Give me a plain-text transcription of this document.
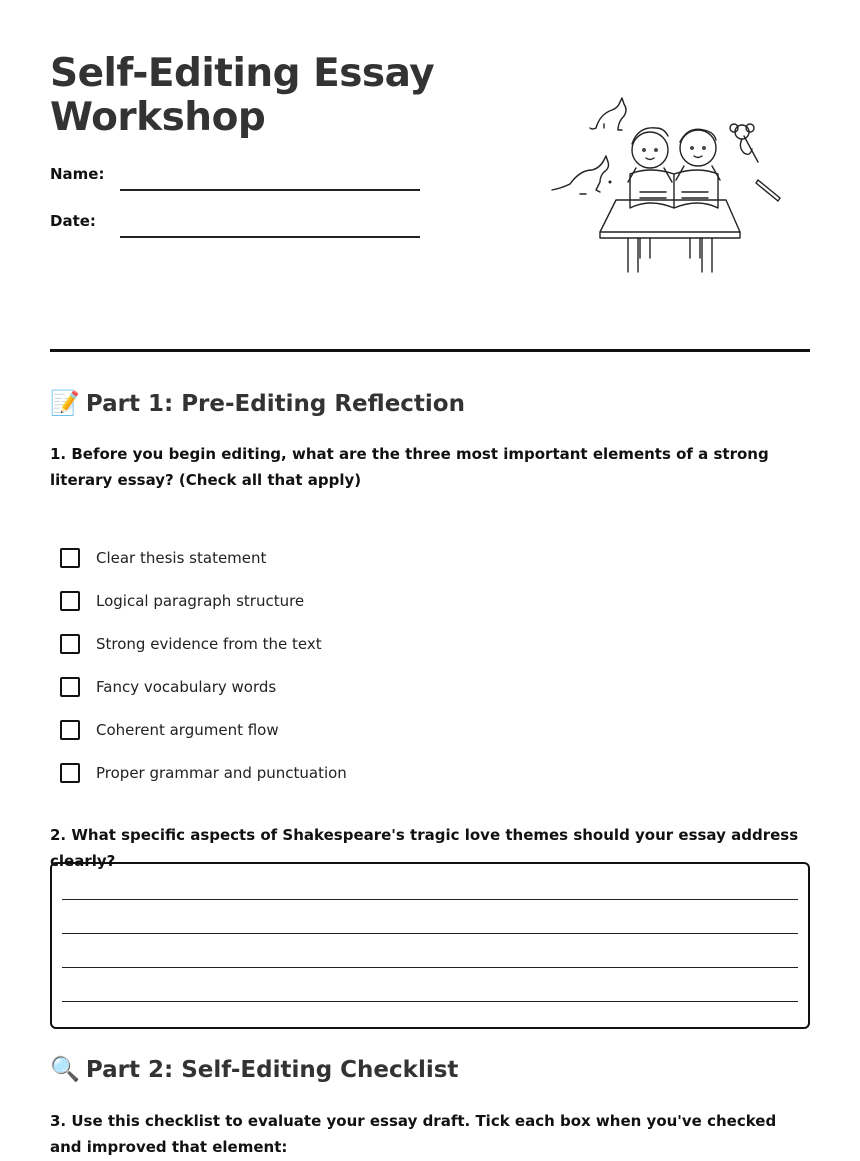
Self-Editing Essay
Workshop
Name:
Date:
📝 Part 1: Pre-Editing Reflection

1. Before you begin editing, what are the three most important elements of a strong literary essay? (Check all that apply)

Clear thesis statement
Logical paragraph structure
Strong evidence from the text
Fancy vocabulary words
Coherent argument flow
Proper grammar and punctuation

2. What specific aspects of Shakespeare's tragic love themes should your essay address clearly?

🔍 Part 2: Self-Editing Checklist

3. Use this checklist to evaluate your essay draft. Tick each box when you've checked and improved that element:
